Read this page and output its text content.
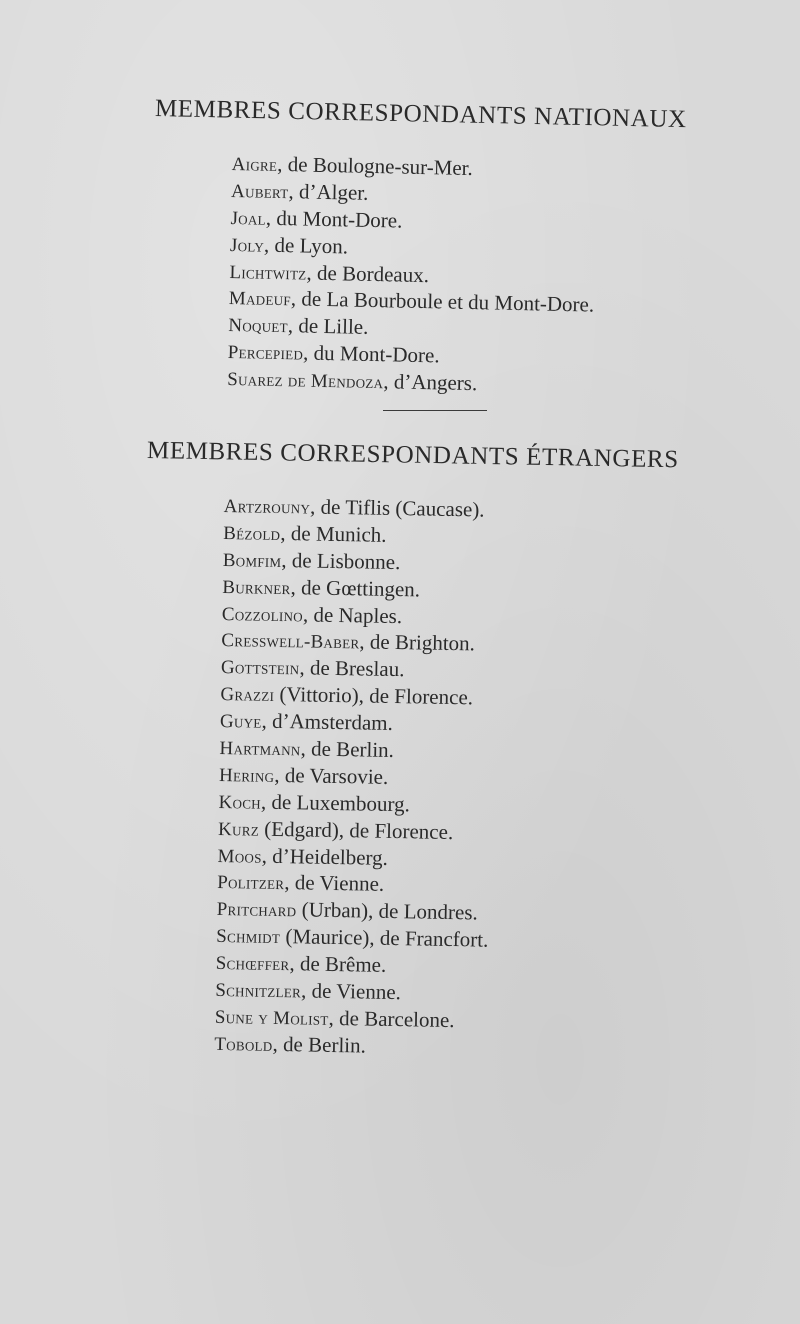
MEMBRES CORRESPONDANTS NATIONAUX
Aigre, de Boulogne-sur-Mer.
Aubert, d’Alger.
Joal, du Mont-Dore.
Joly, de Lyon.
Lichtwitz, de Bordeaux.
Madeuf, de La Bourboule et du Mont-Dore.
Noquet, de Lille.
Percepied, du Mont-Dore.
Suarez de Mendoza, d’Angers.
MEMBRES CORRESPONDANTS ÉTRANGERS
Artzrouny, de Tiflis (Caucase).
Bézold, de Munich.
Bomfim, de Lisbonne.
Burkner, de Gœttingen.
Cozzolino, de Naples.
Cresswell-Baber, de Brighton.
Gottstein, de Breslau.
Grazzi (Vittorio), de Florence.
Guye, d’Amsterdam.
Hartmann, de Berlin.
Hering, de Varsovie.
Koch, de Luxembourg.
Kurz (Edgard), de Florence.
Moos, d’Heidelberg.
Politzer, de Vienne.
Pritchard (Urban), de Londres.
Schmidt (Maurice), de Francfort.
Schœffer, de Brême.
Schnitzler, de Vienne.
Sune y Molist, de Barcelone.
Tobold, de Berlin.
